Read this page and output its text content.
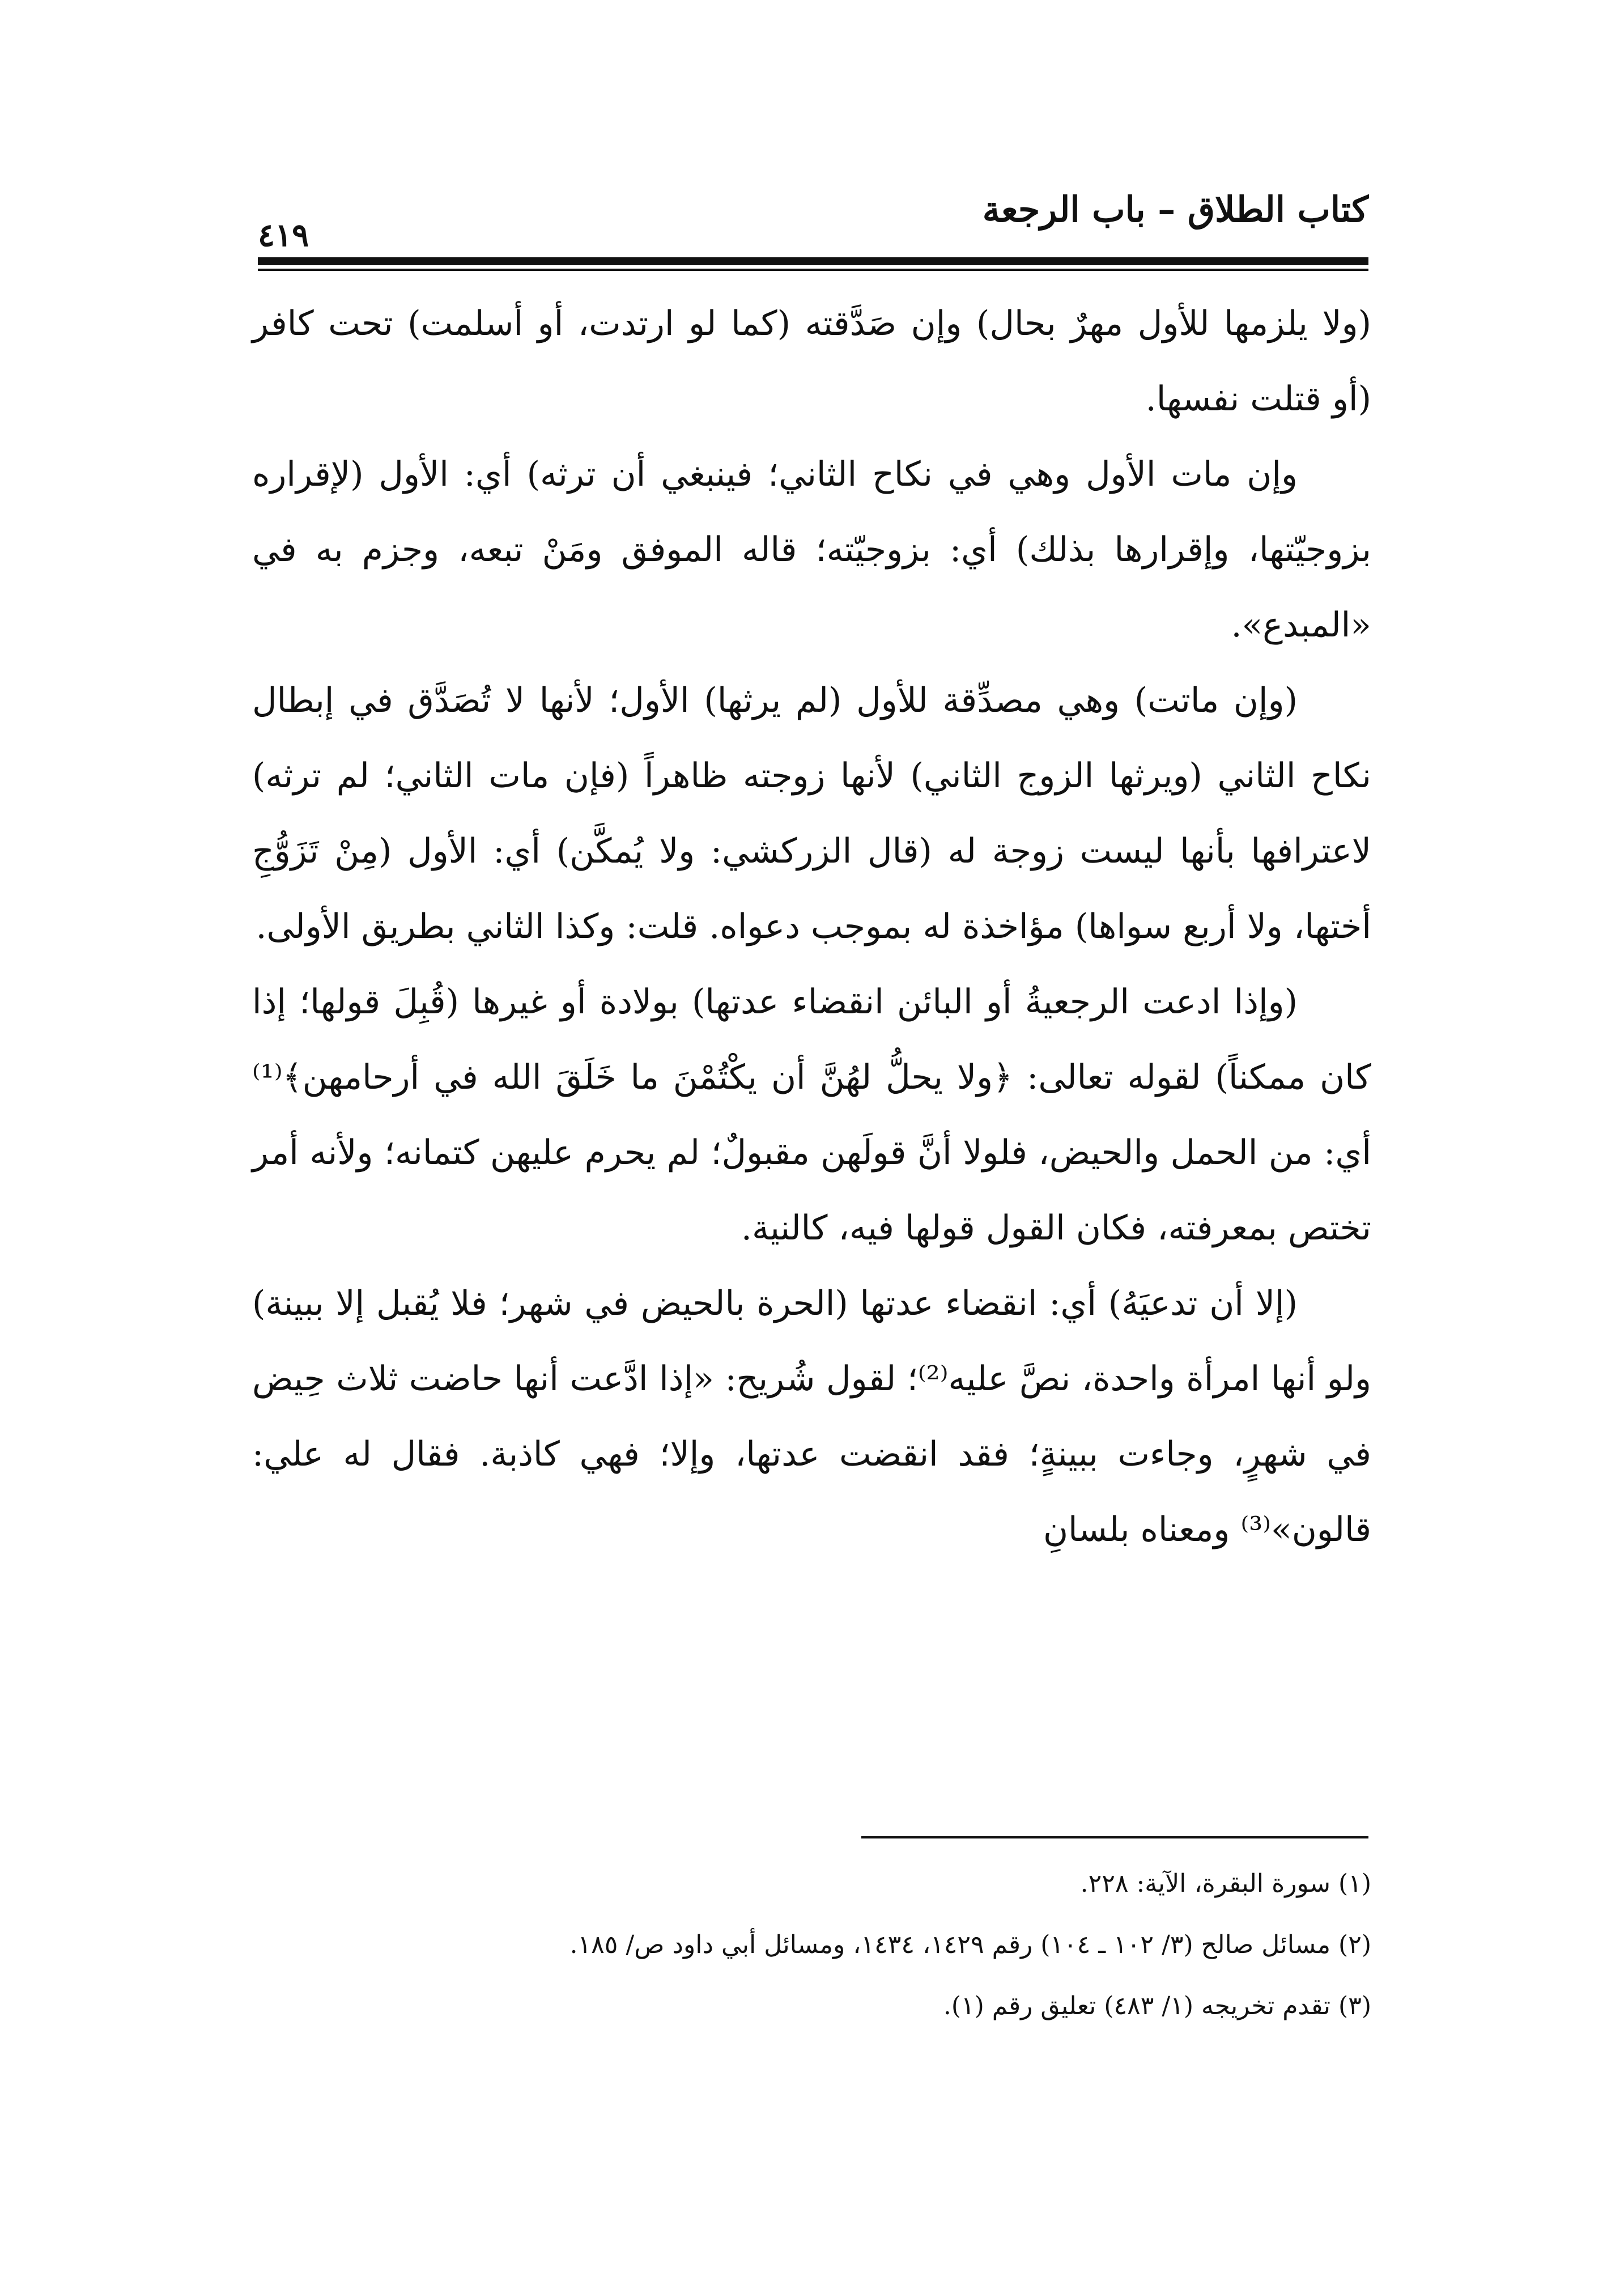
كتاب الطلاق – باب الرجعة
٤١٩

(ولا يلزمها للأول مهرٌ بحال) وإن صَدَّقته (كما لو ارتدت، أو أسلمت) تحت كافر (أو قتلت نفسها.

وإن مات الأول وهي في نكاح الثاني؛ فينبغي أن ترثه) أي: الأول (لإقراره بزوجيّتها، وإقرارها بذلك) أي: بزوجيّته؛ قاله الموفق ومَنْ تبعه، وجزم به في «المبدع».

(وإن ماتت) وهي مصدِّقة للأول (لم يرثها) الأول؛ لأنها لا تُصَدَّق في إبطال نكاح الثاني (ويرثها الزوج الثاني) لأنها زوجته ظاهراً (فإن مات الثاني؛ لم ترثه) لاعترافها بأنها ليست زوجة له (قال الزركشي: ولا يُمكَّن) أي: الأول (مِنْ تَزَوُّجِ أختها، ولا أربع سواها) مؤاخذة له بموجب دعواه. قلت: وكذا الثاني بطريق الأولى.

(وإذا ادعت الرجعيةُ أو البائن انقضاء عدتها) بولادة أو غيرها (قُبِلَ قولها؛ إذا كان ممكناً) لقوله تعالى: ﴿ولا يحلُّ لهُنَّ أن يكْتُمْنَ ما خَلَقَ الله في أرحامهن﴾⁽¹⁾ أي: من الحمل والحيض، فلولا أنَّ قولَهن مقبولٌ؛ لم يحرم عليهن كتمانه؛ ولأنه أمر تختص بمعرفته، فكان القول قولها فيه، كالنية.

(إلا أن تدعيَهُ) أي: انقضاء عدتها (الحرة بالحيض في شهر؛ فلا يُقبل إلا ببينة) ولو أنها امرأة واحدة، نصَّ عليه⁽²⁾؛ لقول شُريح: «إذا ادَّعت أنها حاضت ثلاث حِيض في شهرٍ، وجاءت ببينةٍ؛ فقد انقضت عدتها، وإلا؛ فهي كاذبة. فقال له علي: قالون»⁽³⁾ ومعناه بلسانِ

(١) سورة البقرة، الآية: ٢٢٨.

(٢) مسائل صالح (٣/ ١٠٢ ـ ١٠٤) رقم ١٤٢٩، ١٤٣٤، ومسائل أبي داود ص/ ١٨٥.

(٣) تقدم تخريجه (١/ ٤٨٣) تعليق رقم (١).
